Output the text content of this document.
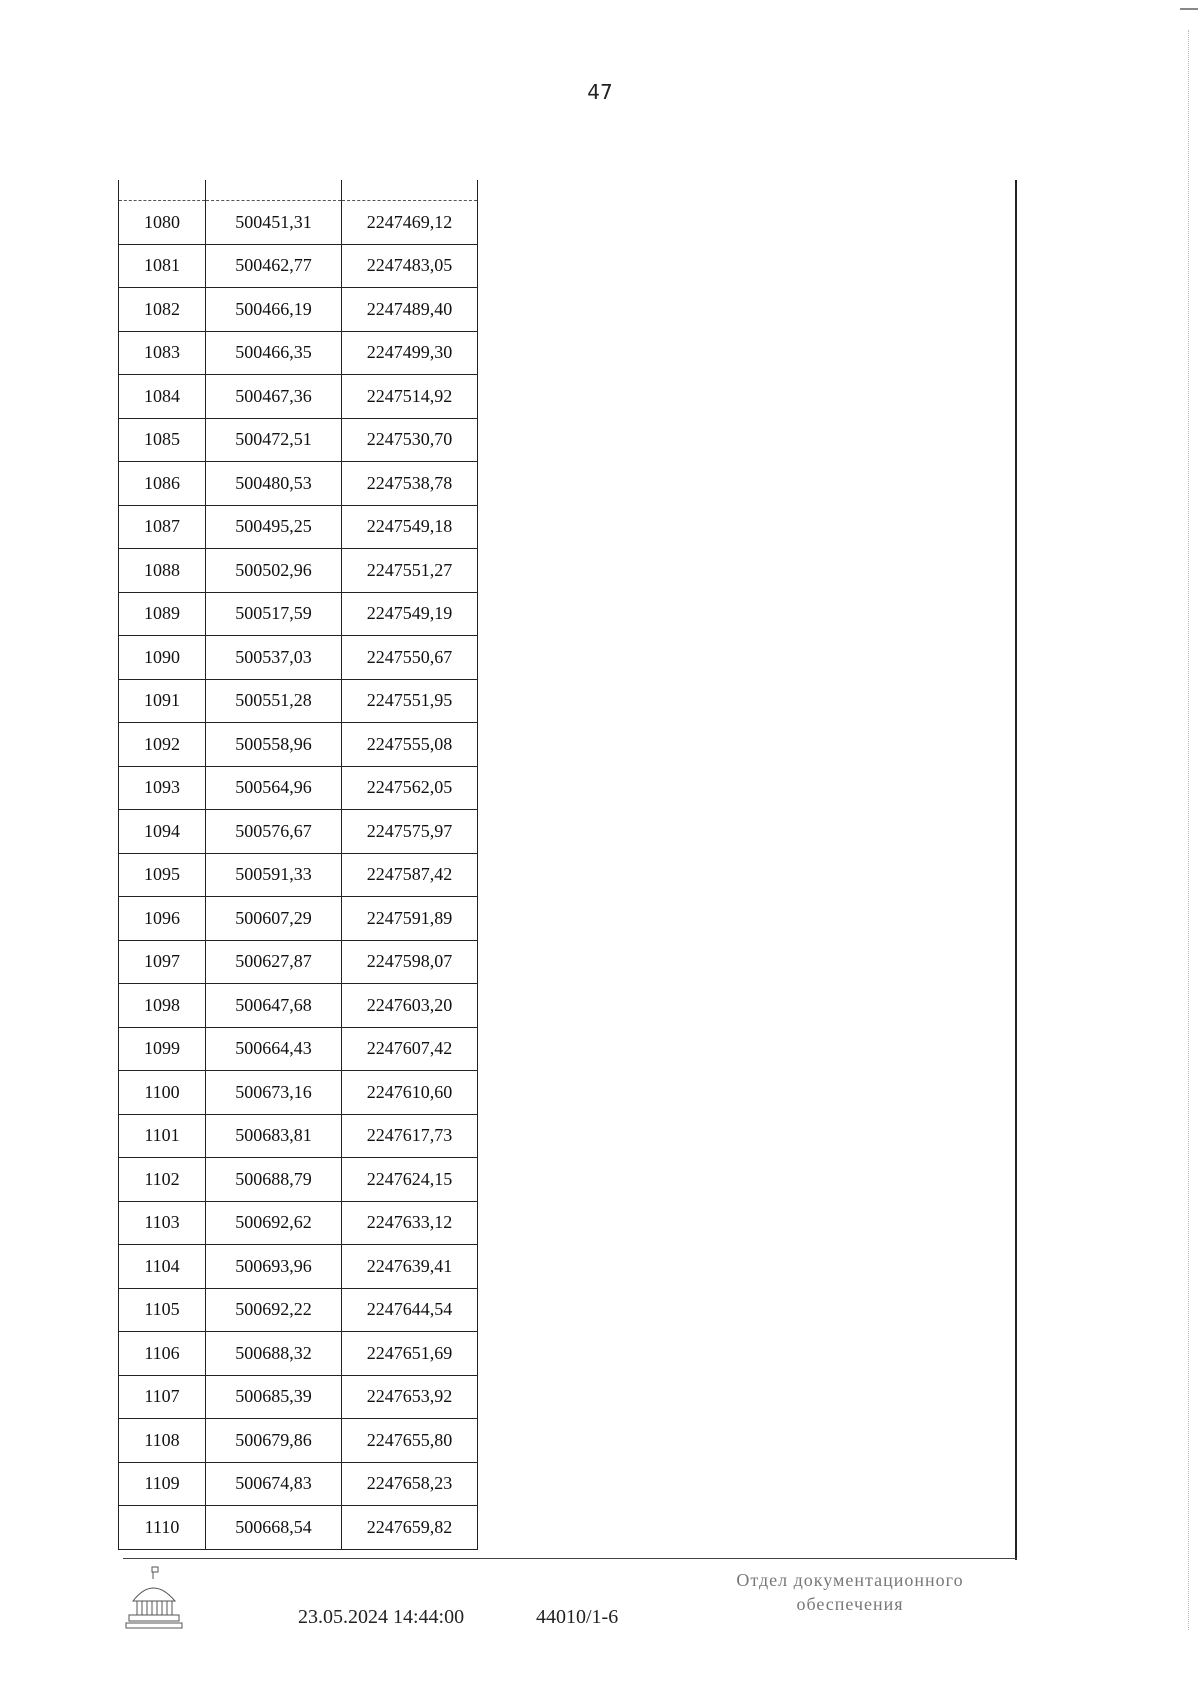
47

1080	500451,31	2247469,12
1081	500462,77	2247483,05
1082	500466,19	2247489,40
1083	500466,35	2247499,30
1084	500467,36	2247514,92
1085	500472,51	2247530,70
1086	500480,53	2247538,78
1087	500495,25	2247549,18
1088	500502,96	2247551,27
1089	500517,59	2247549,19
1090	500537,03	2247550,67
1091	500551,28	2247551,95
1092	500558,96	2247555,08
1093	500564,96	2247562,05
1094	500576,67	2247575,97
1095	500591,33	2247587,42
1096	500607,29	2247591,89
1097	500627,87	2247598,07
1098	500647,68	2247603,20
1099	500664,43	2247607,42
1100	500673,16	2247610,60
1101	500683,81	2247617,73
1102	500688,79	2247624,15
1103	500692,62	2247633,12
1104	500693,96	2247639,41
1105	500692,22	2247644,54
1106	500688,32	2247651,69
1107	500685,39	2247653,92
1108	500679,86	2247655,80
1109	500674,83	2247658,23
1110	500668,54	2247659,82
23.05.2024 14:44:00	44010/1-6
Отдел документационного
обеспечения
